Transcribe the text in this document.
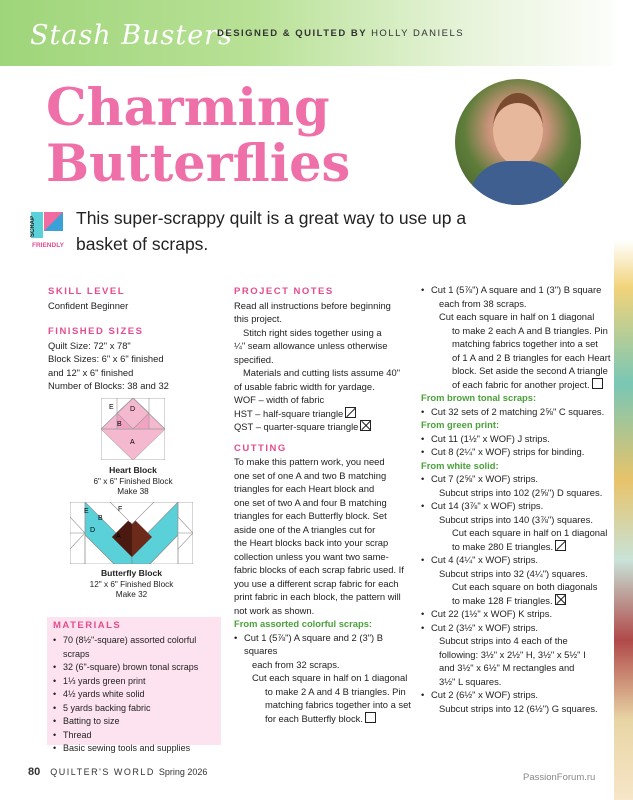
Stash Busters
DESIGNED & QUILTED BY HOLLY DANIELS
Charming
Butterflies
SCRAP
FRIENDLY
This super-scrappy quilt is a great way to use up a basket of scraps.
SKILL LEVEL
Confident Beginner
FINISHED SIZES
Quilt Size: 72" x 78"
Block Sizes: 6" x 6" finished
and 12" x 6" finished
Number of Blocks: 38 and 32
E D
B
A
Heart Block
6" x 6" Finished Block
Make 38
E	F
B	C
D
A
Butterfly Block
12" x 6" Finished Block
Make 32
MATERIALS
• 70 (8½"-square) assorted colorful scraps
• 32 (6"-square) brown tonal scraps
• 1⅓ yards green print
• 4½ yards white solid
• 5 yards backing fabric
• Batting to size
• Thread
• Basic sewing tools and supplies
PROJECT NOTES
Read all instructions before beginning
this project.
Stitch right sides together using a
¼" seam allowance unless otherwise
specified.
Materials and cutting lists assume 40"
of usable fabric width for yardage.
WOF – width of fabric
HST – half-square triangle
QST – quarter-square triangle
CUTTING
To make this pattern work, you need
one set of one A and two B matching
triangles for each Heart block and
one set of two A and four B matching
triangles for each Butterfly block. Set
aside one of the A triangles cut for
the Heart blocks back into your scrap
collection unless you want two same-
fabric blocks of each scrap fabric used. If
you use a different scrap fabric for each
print fabric in each block, the pattern will
not work as shown.
From assorted colorful scraps:
• Cut 1 (5⅞") A square and 2 (3") B squares
each from 32 scraps.
Cut each square in half on 1 diagonal
to make 2 A and 4 B triangles. Pin
matching fabrics together into a set
for each Butterfly block.
• Cut 1 (5⅞") A square and 1 (3") B square
each from 38 scraps.
Cut each square in half on 1 diagonal
to make 2 each A and B triangles. Pin
matching fabrics together into a set
of 1 A and 2 B triangles for each Heart
block. Set aside the second A triangle
of each fabric for another project.
From brown tonal scraps:
• Cut 32 sets of 2 matching 2⅝" C squares.
From green print:
• Cut 11 (1½" x WOF) J strips.
• Cut 8 (2¼" x WOF) strips for binding.
From white solid:
• Cut 7 (2⅝" x WOF) strips.
Subcut strips into 102 (2⅝") D squares.
• Cut 14 (3⅞" x WOF) strips.
Subcut strips into 140 (3⅞") squares.
Cut each square in half on 1 diagonal
to make 280 E triangles.
• Cut 4 (4¼" x WOF) strips.
Subcut strips into 32 (4¼") squares.
Cut each square on both diagonals
to make 128 F triangles.
• Cut 22 (1½" x WOF) K strips.
• Cut 2 (3½" x WOF) strips.
Subcut strips into 4 each of the
following: 3½" x 2½" H, 3½" x 5½" I
and 3½" x 6½" M rectangles and
3½" L squares.
• Cut 2 (6½" x WOF) strips.
Subcut strips into 12 (6½") G squares.
80 QUILTER'S WORLD Spring 2026	PassionForum.ru
